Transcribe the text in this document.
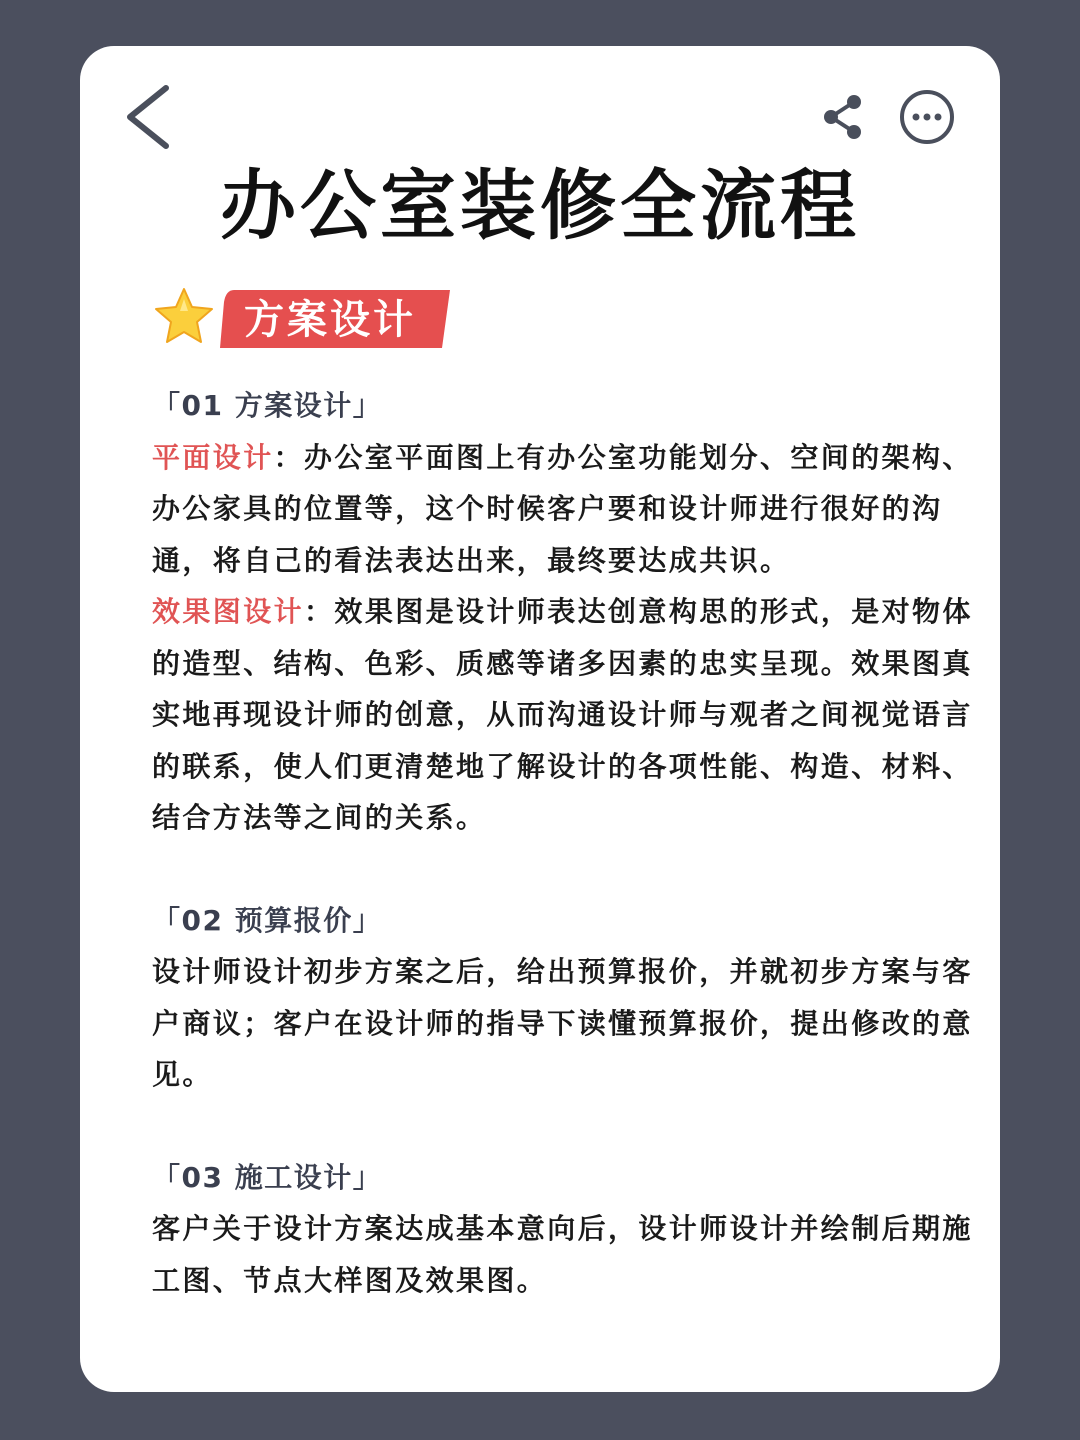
办公室装修全流程
方案设计

「01 方案设计」

平面设计：办公室平面图上有办公室功能划分、空间的架构、办公家具的位置等，这个时候客户要和设计师进行很好的沟通，将自己的看法表达出来，最终要达成共识。

效果图设计：效果图是设计师表达创意构思的形式，是对物体的造型、结构、色彩、质感等诸多因素的忠实呈现。效果图真实地再现设计师的创意，从而沟通设计师与观者之间视觉语言的联系，使人们更清楚地了解设计的各项性能、构造、材料、结合方法等之间的关系。

「02 预算报价」

设计师设计初步方案之后，给出预算报价，并就初步方案与客户商议；客户在设计师的指导下读懂预算报价，提出修改的意见。

「03 施工设计」

客户关于设计方案达成基本意向后，设计师设计并绘制后期施工图、节点大样图及效果图。
